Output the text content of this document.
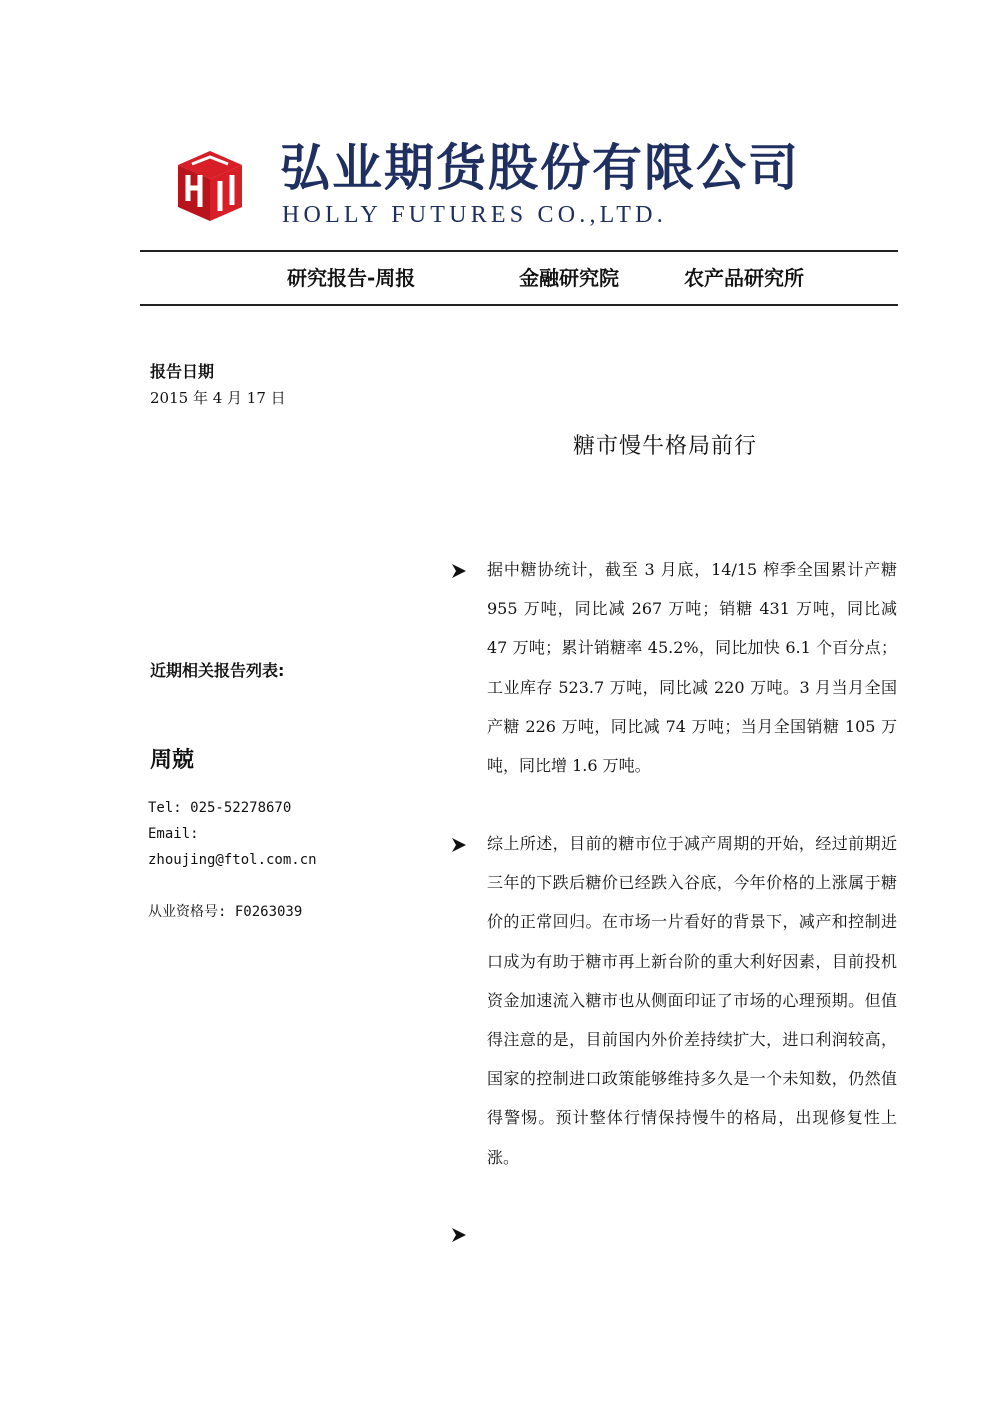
弘业期货股份有限公司
HOLLY FUTURES CO.,LTD.
研究报告-周报	金融研究院	农产品研究所
报告日期
2015 年 4 月 17 日
近期相关报告列表:
周兢
Tel: 025-52278670
Email:
zhoujing@ftol.com.cn
从业资格号: F0263039
糖市慢牛格局前行

据中糖协统计，截至 3 月底，14/15 榨季全国累计产糖 955 万吨，同比减 267 万吨；销糖 431 万吨，同比减 47 万吨；累计销糖率 45.2%，同比加快 6.1 个百分点；工业库存 523.7 万吨，同比减 220 万吨。3 月当月全国产糖 226 万吨，同比减 74 万吨；当月全国销糖 105 万吨，同比增 1.6 万吨。

综上所述，目前的糖市位于减产周期的开始，经过前期近三年的下跌后糖价已经跌入谷底，今年价格的上涨属于糖价的正常回归。在市场一片看好的背景下，减产和控制进口成为有助于糖市再上新台阶的重大利好因素，目前投机资金加速流入糖市也从侧面印证了市场的心理预期。但值得注意的是，目前国内外价差持续扩大，进口利润较高，国家的控制进口政策能够维持多久是一个未知数，仍然值得警惕。预计整体行情保持慢牛的格局，出现修复性上涨。
